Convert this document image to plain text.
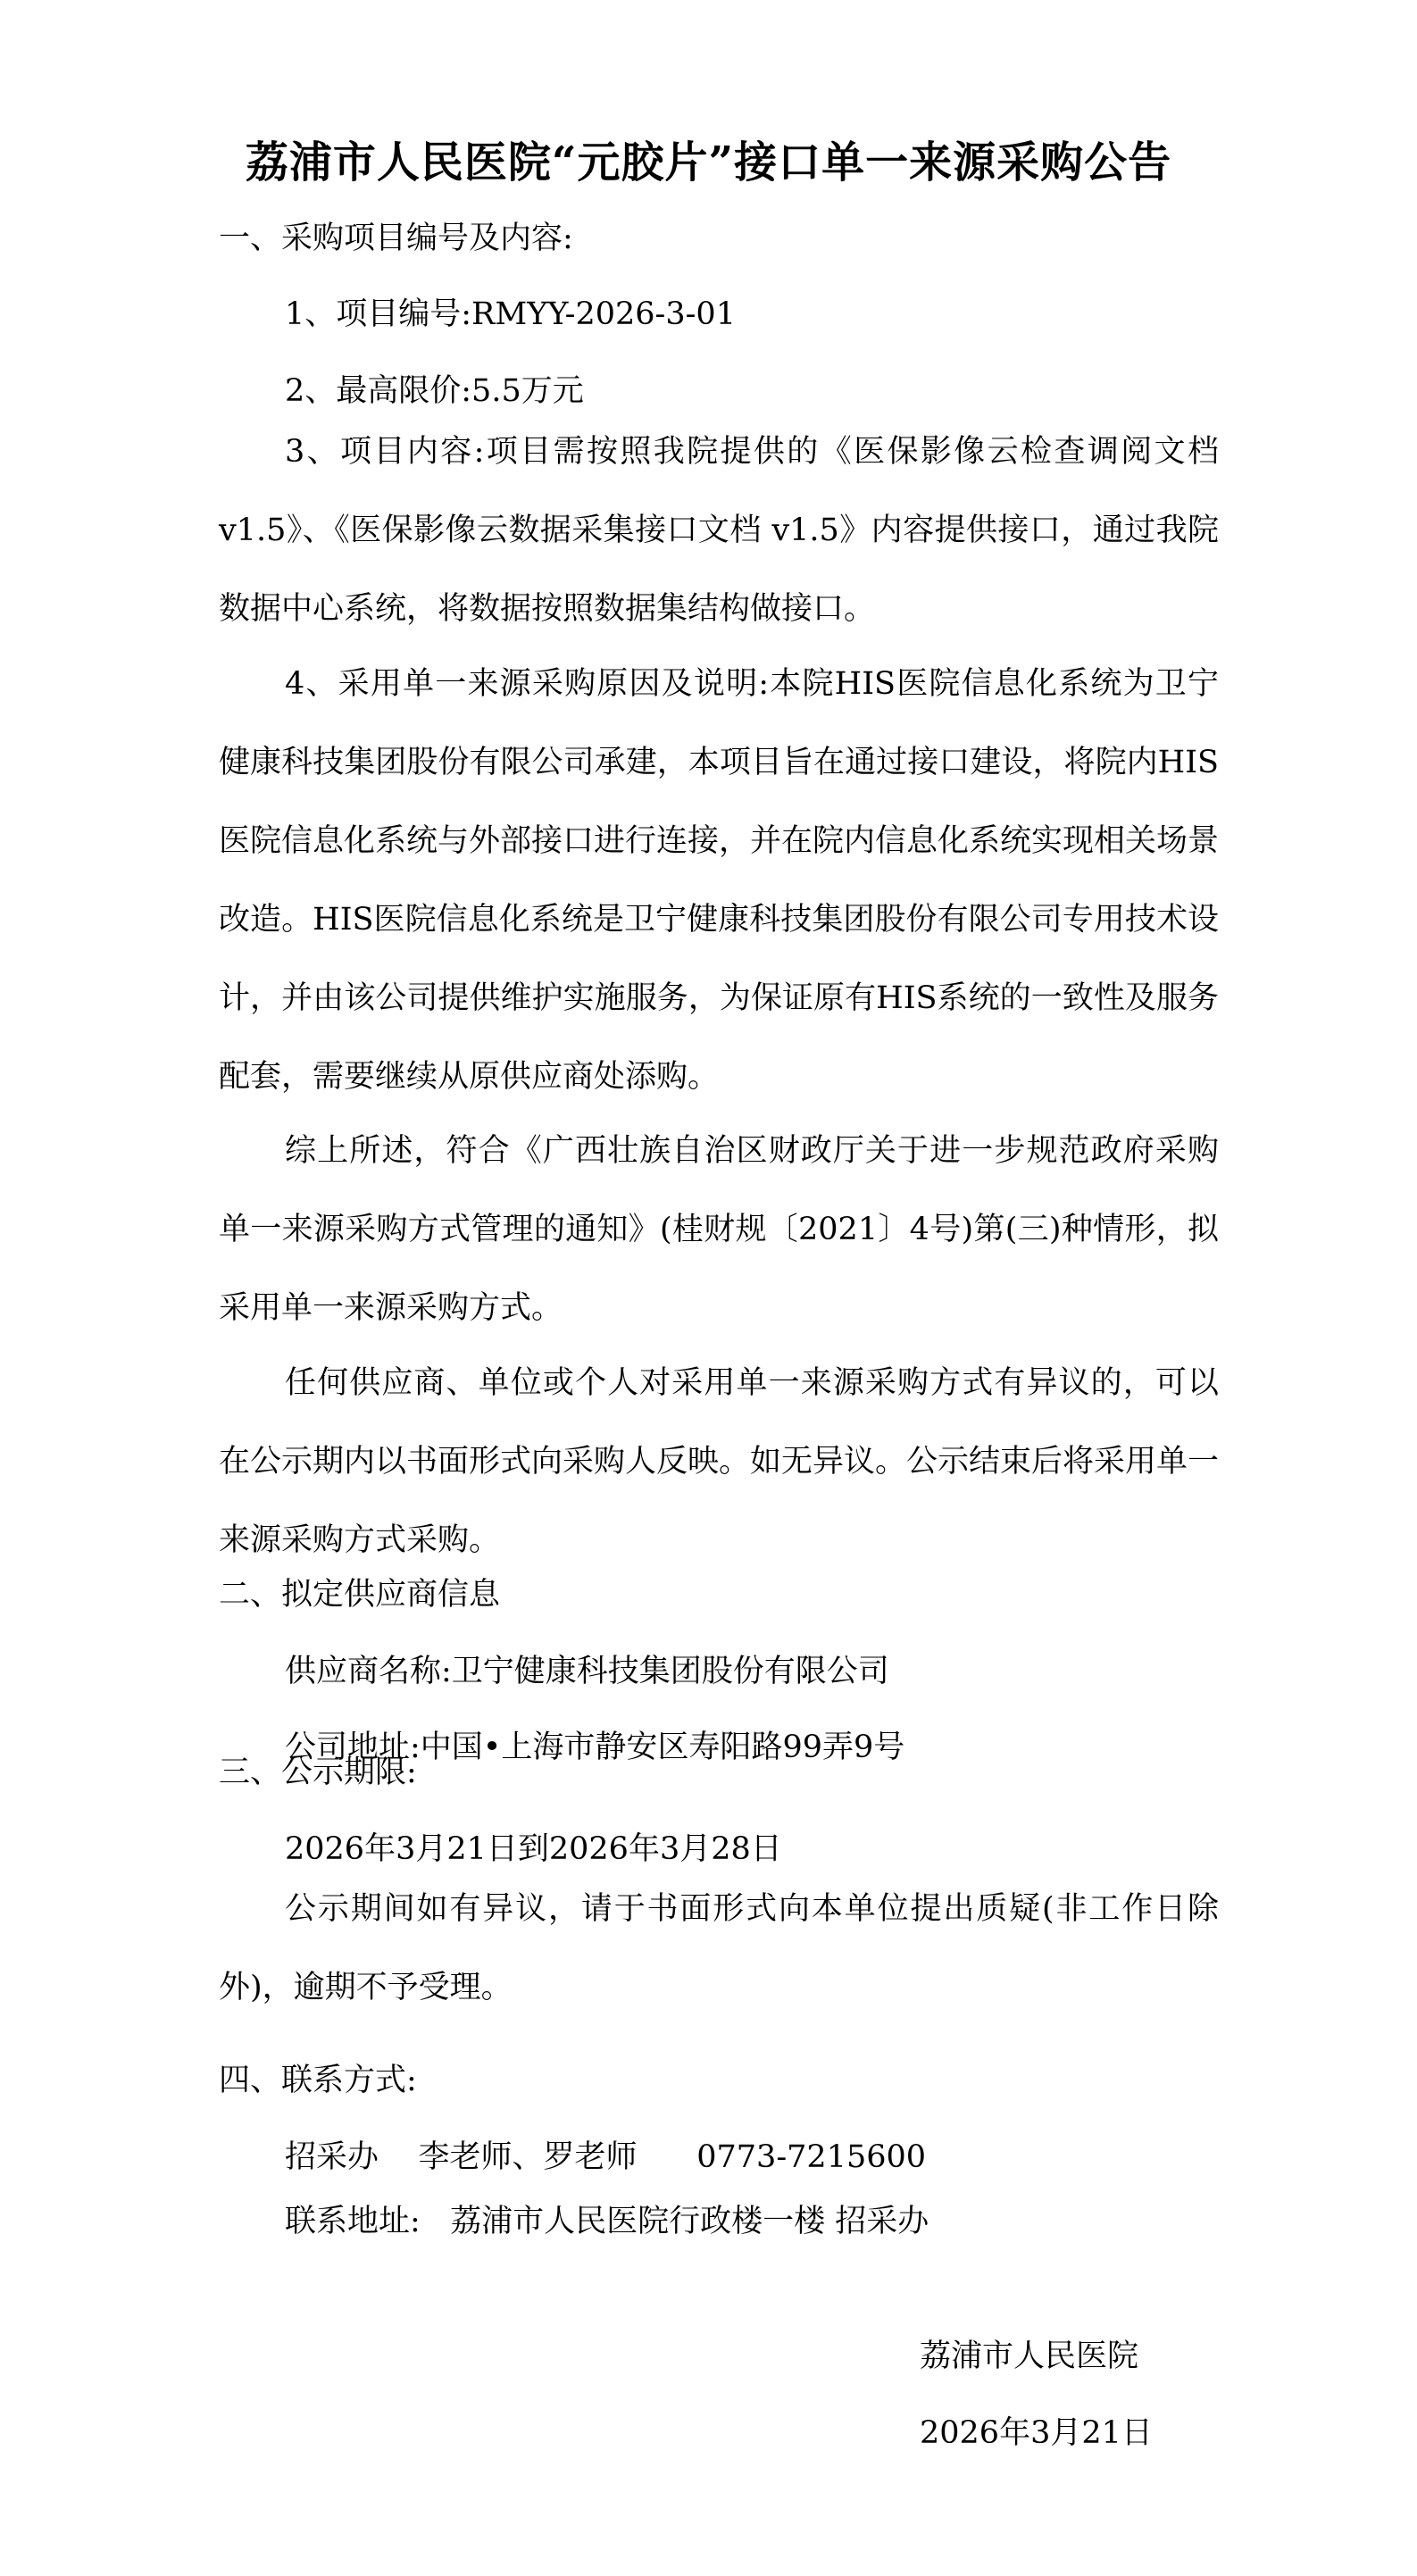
荔浦市人民医院“元胶片”接口单一来源采购公告
一、采购项目编号及内容:
1、项目编号:RMYY-2026-3-01
2、最高限价:5.5万元

3、项目内容:项目需按照我院提供的《医保影像云检查调阅文档 v1.5》、《医保影像云数据采集接口文档 v1.5》内容提供接口，通过我院数据中心系统，将数据按照数据集结构做接口。

4、采用单一来源采购原因及说明:本院HIS医院信息化系统为卫宁健康科技集团股份有限公司承建，本项目旨在通过接口建设，将院内HIS医院信息化系统与外部接口进行连接，并在院内信息化系统实现相关场景改造。HIS医院信息化系统是卫宁健康科技集团股份有限公司专用技术设计，并由该公司提供维护实施服务，为保证原有HIS系统的一致性及服务配套，需要继续从原供应商处添购。

综上所述，符合《广西壮族自治区财政厅关于进一步规范政府采购单一来源采购方式管理的通知》(桂财规〔2021〕4号)第(三)种情形，拟采用单一来源采购方式。

任何供应商、单位或个人对采用单一来源采购方式有异议的，可以在公示期内以书面形式向采购人反映。如无异议。公示结束后将采用单一来源采购方式采购。

二、拟定供应商信息
供应商名称:卫宁健康科技集团股份有限公司
公司地址:中国•上海市静安区寿阳路99弄9号
三、公示期限:
2026年3月21日到2026年3月28日

公示期间如有异议，请于书面形式向本单位提出质疑(非工作日除外)，逾期不予受理。

四、联系方式:
招采办    李老师、罗老师      0773-7215600
联系地址:   荔浦市人民医院行政楼一楼 招采办
荔浦市人民医院
2026年3月21日
